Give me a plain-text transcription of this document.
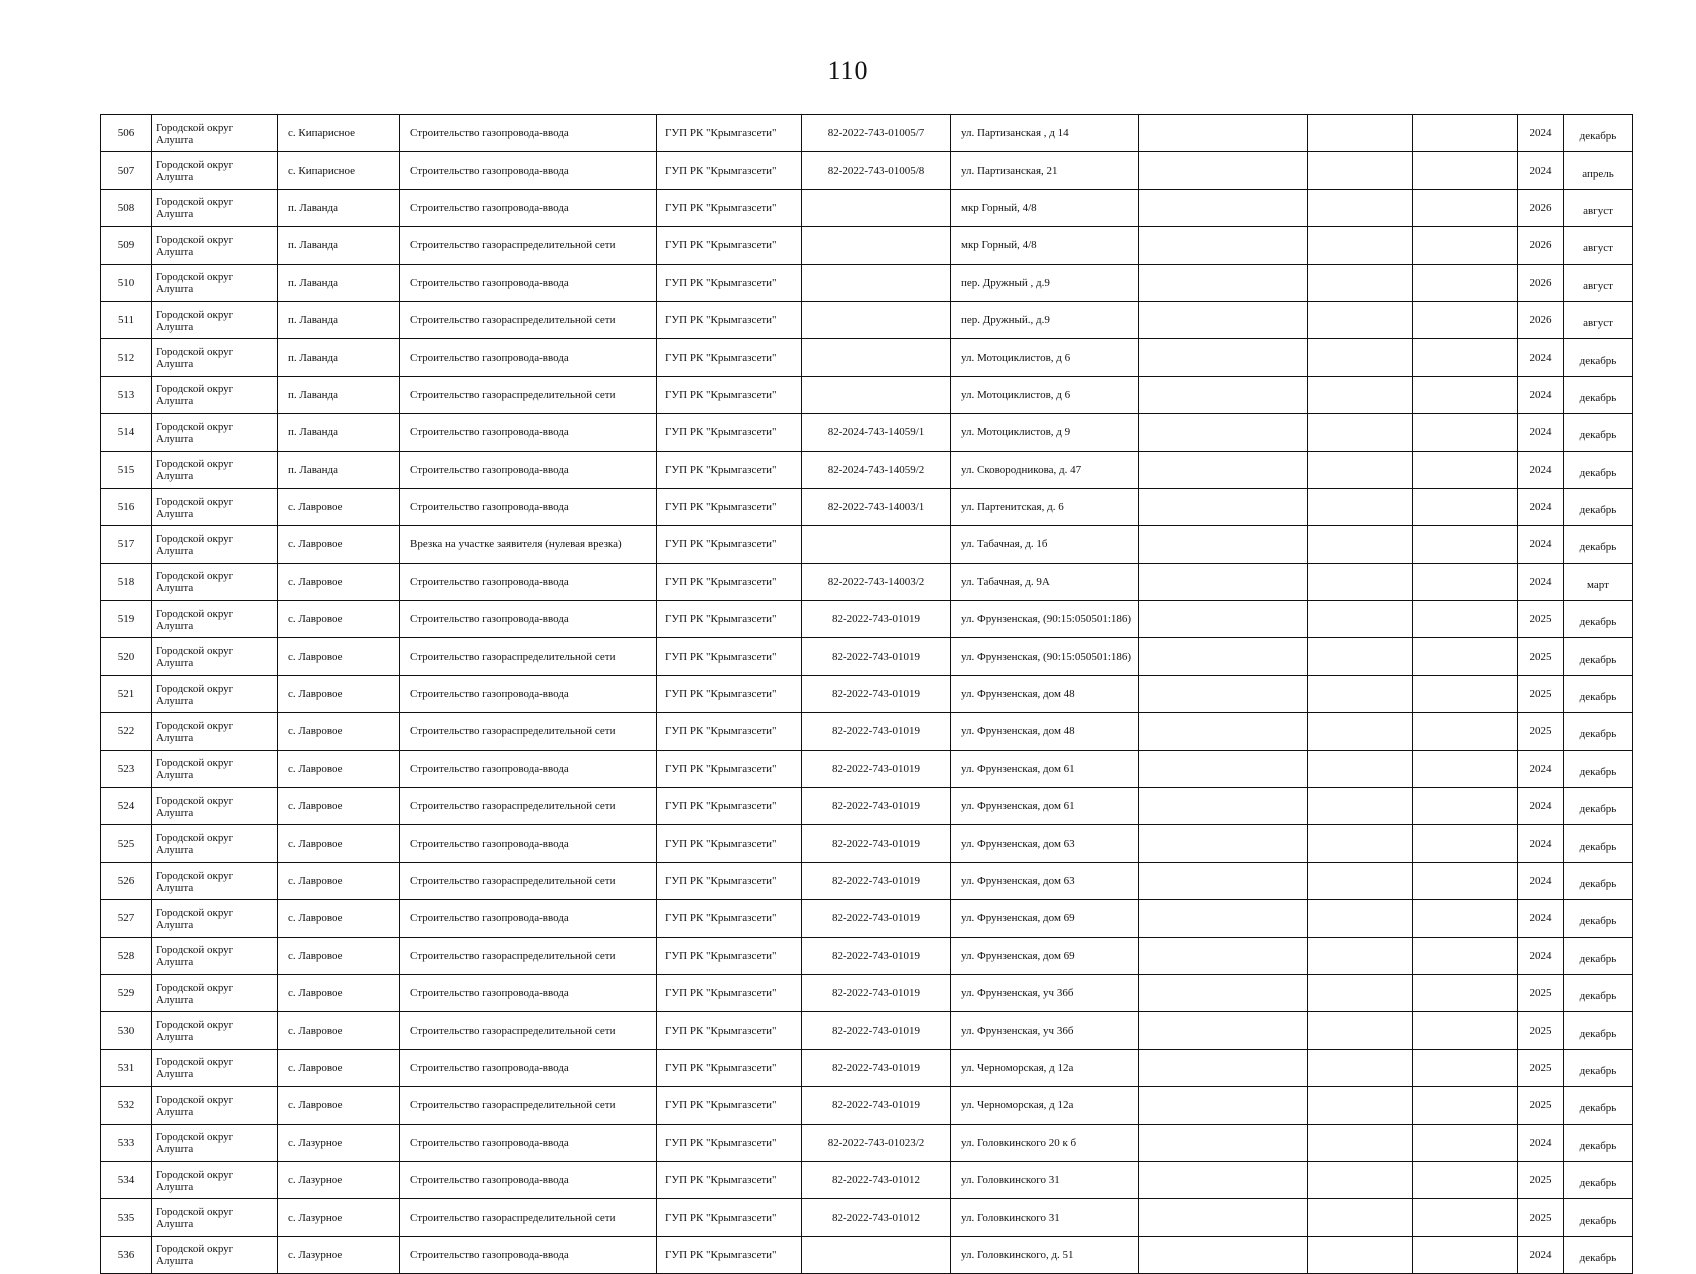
110
506	Городской округ Алушта	с. Кипарисное	Строительство газопровода-ввода	ГУП РК "Крымгазсети"	82-2022-743-01005/7	ул. Партизанская , д 14				2024	декабрь
507	Городской округ Алушта	с. Кипарисное	Строительство газопровода-ввода	ГУП РК "Крымгазсети"	82-2022-743-01005/8	ул. Партизанская, 21				2024	апрель
508	Городской округ Алушта	п. Лаванда	Строительство газопровода-ввода	ГУП РК "Крымгазсети"		мкр Горный, 4/8				2026	август
509	Городской округ Алушта	п. Лаванда	Строительство газораспределительной сети	ГУП РК "Крымгазсети"		мкр Горный, 4/8				2026	август
510	Городской округ Алушта	п. Лаванда	Строительство газопровода-ввода	ГУП РК "Крымгазсети"		пер. Дружный , д.9				2026	август
511	Городской округ Алушта	п. Лаванда	Строительство газораспределительной сети	ГУП РК "Крымгазсети"		пер. Дружный., д.9				2026	август
512	Городской округ Алушта	п. Лаванда	Строительство газопровода-ввода	ГУП РК "Крымгазсети"		ул. Мотоциклистов, д 6				2024	декабрь
513	Городской округ Алушта	п. Лаванда	Строительство газораспределительной сети	ГУП РК "Крымгазсети"		ул. Мотоциклистов, д 6				2024	декабрь
514	Городской округ Алушта	п. Лаванда	Строительство газопровода-ввода	ГУП РК "Крымгазсети"	82-2024-743-14059/1	ул. Мотоциклистов, д 9				2024	декабрь
515	Городской округ Алушта	п. Лаванда	Строительство газопровода-ввода	ГУП РК "Крымгазсети"	82-2024-743-14059/2	ул. Сковородникова, д. 47				2024	декабрь
516	Городской округ Алушта	с. Лавровое	Строительство газопровода-ввода	ГУП РК "Крымгазсети"	82-2022-743-14003/1	ул. Партенитская, д. 6				2024	декабрь
517	Городской округ Алушта	с. Лавровое	Врезка на участке заявителя (нулевая врезка)	ГУП РК "Крымгазсети"		ул. Табачная, д. 1б				2024	декабрь
518	Городской округ Алушта	с. Лавровое	Строительство газопровода-ввода	ГУП РК "Крымгазсети"	82-2022-743-14003/2	ул. Табачная, д. 9А				2024	март
519	Городской округ Алушта	с. Лавровое	Строительство газопровода-ввода	ГУП РК "Крымгазсети"	82-2022-743-01019	ул. Фрунзенская, (90:15:050501:186)				2025	декабрь
520	Городской округ Алушта	с. Лавровое	Строительство газораспределительной сети	ГУП РК "Крымгазсети"	82-2022-743-01019	ул. Фрунзенская, (90:15:050501:186)				2025	декабрь
521	Городской округ Алушта	с. Лавровое	Строительство газопровода-ввода	ГУП РК "Крымгазсети"	82-2022-743-01019	ул. Фрунзенская, дом 48				2025	декабрь
522	Городской округ Алушта	с. Лавровое	Строительство газораспределительной сети	ГУП РК "Крымгазсети"	82-2022-743-01019	ул. Фрунзенская, дом 48				2025	декабрь
523	Городской округ Алушта	с. Лавровое	Строительство газопровода-ввода	ГУП РК "Крымгазсети"	82-2022-743-01019	ул. Фрунзенская, дом 61				2024	декабрь
524	Городской округ Алушта	с. Лавровое	Строительство газораспределительной сети	ГУП РК "Крымгазсети"	82-2022-743-01019	ул. Фрунзенская, дом 61				2024	декабрь
525	Городской округ Алушта	с. Лавровое	Строительство газопровода-ввода	ГУП РК "Крымгазсети"	82-2022-743-01019	ул. Фрунзенская, дом 63				2024	декабрь
526	Городской округ Алушта	с. Лавровое	Строительство газораспределительной сети	ГУП РК "Крымгазсети"	82-2022-743-01019	ул. Фрунзенская, дом 63				2024	декабрь
527	Городской округ Алушта	с. Лавровое	Строительство газопровода-ввода	ГУП РК "Крымгазсети"	82-2022-743-01019	ул. Фрунзенская, дом 69				2024	декабрь
528	Городской округ Алушта	с. Лавровое	Строительство газораспределительной сети	ГУП РК "Крымгазсети"	82-2022-743-01019	ул. Фрунзенская, дом 69				2024	декабрь
529	Городской округ Алушта	с. Лавровое	Строительство газопровода-ввода	ГУП РК "Крымгазсети"	82-2022-743-01019	ул. Фрунзенская, уч 36б				2025	декабрь
530	Городской округ Алушта	с. Лавровое	Строительство газораспределительной сети	ГУП РК "Крымгазсети"	82-2022-743-01019	ул. Фрунзенская, уч 36б				2025	декабрь
531	Городской округ Алушта	с. Лавровое	Строительство газопровода-ввода	ГУП РК "Крымгазсети"	82-2022-743-01019	ул. Черноморская, д 12а				2025	декабрь
532	Городской округ Алушта	с. Лавровое	Строительство газораспределительной сети	ГУП РК "Крымгазсети"	82-2022-743-01019	ул. Черноморская, д 12а				2025	декабрь
533	Городской округ Алушта	с. Лазурное	Строительство газопровода-ввода	ГУП РК "Крымгазсети"	82-2022-743-01023/2	ул. Головкинского 20 к б				2024	декабрь
534	Городской округ Алушта	с. Лазурное	Строительство газопровода-ввода	ГУП РК "Крымгазсети"	82-2022-743-01012	ул. Головкинского 31				2025	декабрь
535	Городской округ Алушта	с. Лазурное	Строительство газораспределительной сети	ГУП РК "Крымгазсети"	82-2022-743-01012	ул. Головкинского 31				2025	декабрь
536	Городской округ Алушта	с. Лазурное	Строительство газопровода-ввода	ГУП РК "Крымгазсети"		ул. Головкинского, д. 51				2024	декабрь
